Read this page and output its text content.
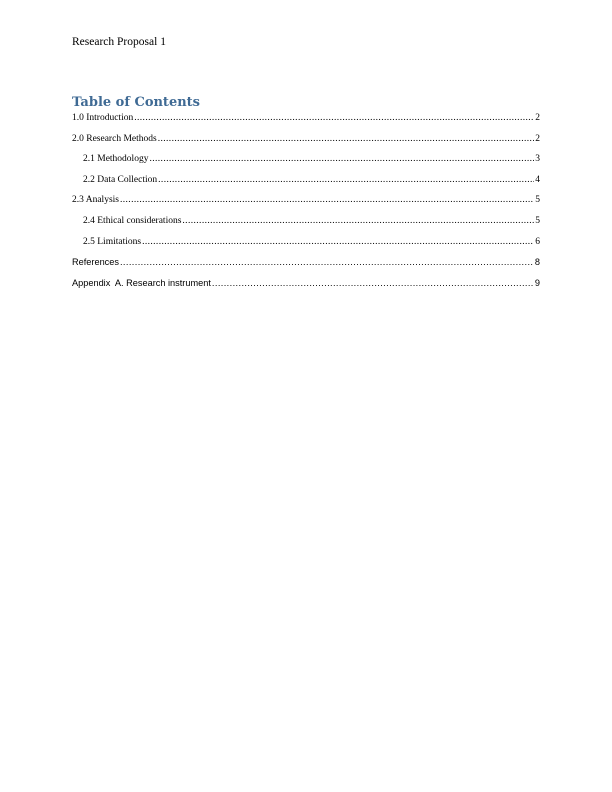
Research Proposal 1
Table of Contents
1.0 Introduction .....	2
2.0 Research Methods .....	2
2.1 Methodology .....	3
2.2 Data Collection .....	4
2.3 Analysis .....	5
2.4 Ethical considerations .....	5
2.5 Limitations .....	6
References .....	8
Appendix  A. Research instrument .....	9
